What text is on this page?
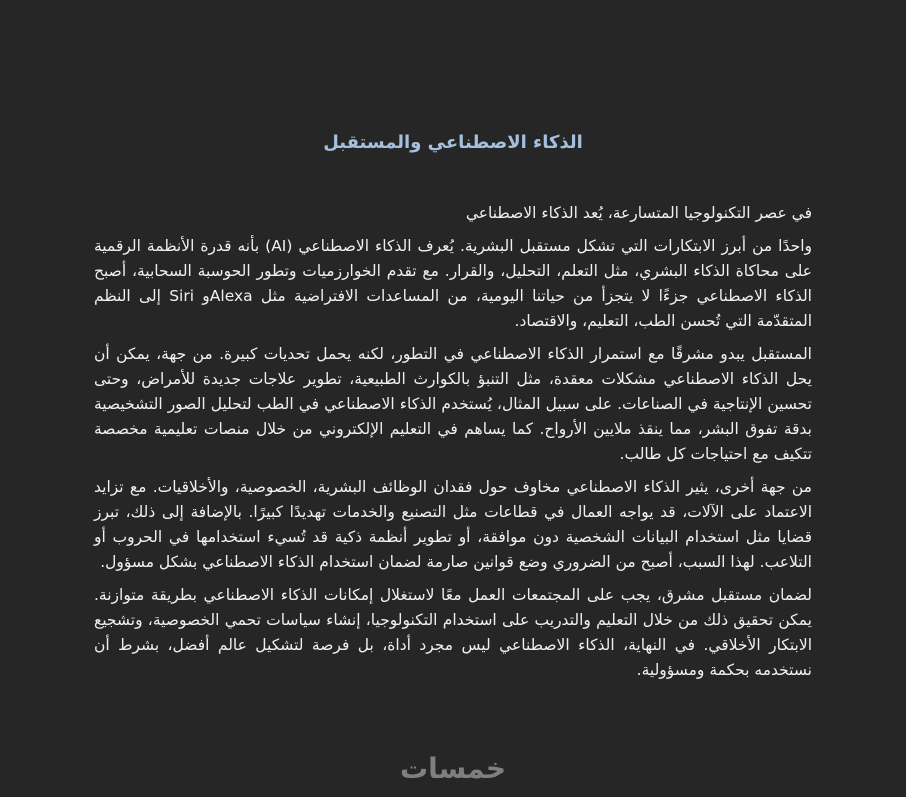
الذكاء الاصطناعي والمستقبل

في عصر التكنولوجيا المتسارعة، يُعد الذكاء الاصطناعي

واحدًا من أبرز الابتكارات التي تشكل مستقبل البشرية. يُعرف الذكاء الاصطناعي (AI) بأنه قدرة الأنظمة الرقمية على محاكاة الذكاء البشري، مثل التعلم، التحليل، والقرار. مع تقدم الخوارزميات وتطور الحوسبة السحابية، أصبح الذكاء الاصطناعي جزءًا لا يتجزأ من حياتنا اليومية، من المساعدات الافتراضية مثل ‪Siri وAlexa‬ إلى النظم المتقدّمة التي تُحسن الطب، التعليم، والاقتصاد.

المستقبل يبدو مشرقًا مع استمرار الذكاء الاصطناعي في التطور، لكنه يحمل تحديات كبيرة. من جهة، يمكن أن يحل الذكاء الاصطناعي مشكلات معقدة، مثل التنبؤ بالكوارث الطبيعية، تطوير علاجات جديدة للأمراض، وحتى تحسين الإنتاجية في الصناعات. على سبيل المثال، يُستخدم الذكاء الاصطناعي في الطب لتحليل الصور التشخيصية بدقة تفوق البشر، مما ينقذ ملايين الأرواح. كما يساهم في التعليم الإلكتروني من خلال منصات تعليمية مخصصة تتكيف مع احتياجات كل طالب.

من جهة أخرى، يثير الذكاء الاصطناعي مخاوف حول فقدان الوظائف البشرية، الخصوصية، والأخلاقيات. مع تزايد الاعتماد على الآلات، قد يواجه العمال في قطاعات مثل التصنيع والخدمات تهديدًا كبيرًا. بالإضافة إلى ذلك، تبرز قضايا مثل استخدام البيانات الشخصية دون موافقة، أو تطوير أنظمة ذكية قد تُسيء استخدامها في الحروب أو التلاعب. لهذا السبب، أصبح من الضروري وضع قوانين صارمة لضمان استخدام الذكاء الاصطناعي بشكل مسؤول.

لضمان مستقبل مشرق، يجب على المجتمعات العمل معًا لاستغلال إمكانات الذكاء الاصطناعي بطريقة متوازنة. يمكن تحقيق ذلك من خلال التعليم والتدريب على استخدام التكنولوجيا، إنشاء سياسات تحمي الخصوصية، وتشجيع الابتكار الأخلاقي. في النهاية، الذكاء الاصطناعي ليس مجرد أداة، بل فرصة لتشكيل عالم أفضل، بشرط أن نستخدمه بحكمة ومسؤولية.

خمسات
